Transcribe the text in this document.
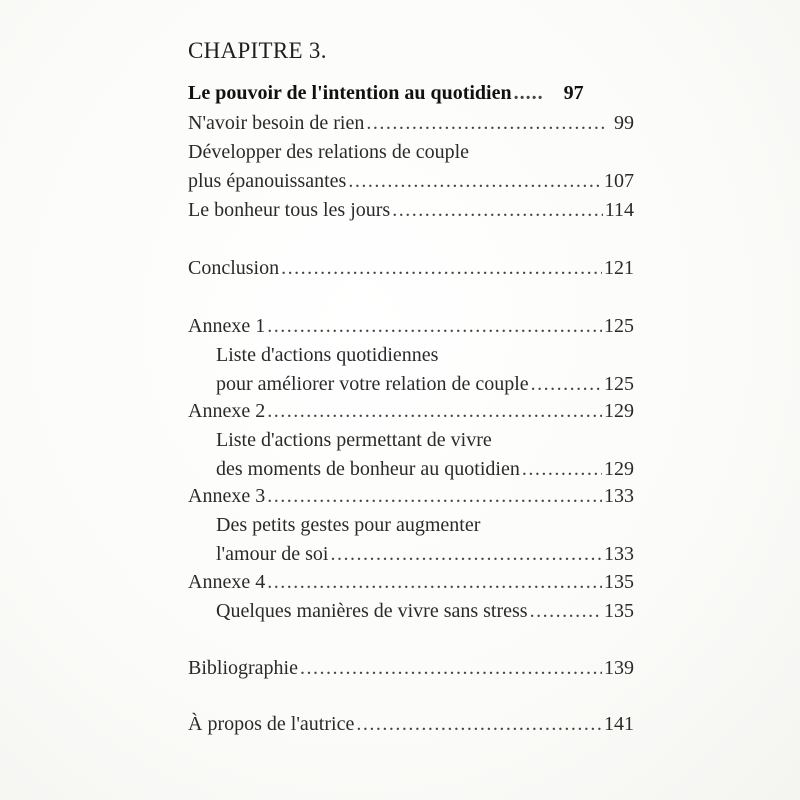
CHAPITRE 3.
Le pouvoir de l'intention au quotidien .....	97
N'avoir besoin de rien .....	99
Développer des relations de couple
plus épanouissantes .....	107
Le bonheur tous les jours .....	114
Conclusion .....	121
Annexe 1 .....	125
Liste d'actions quotidiennes
pour améliorer votre relation de couple .....	125
Annexe 2 .....	129
Liste d'actions permettant de vivre
des moments de bonheur au quotidien .....	129
Annexe 3 .....	133
Des petits gestes pour augmenter
l'amour de soi .....	133
Annexe 4 .....	135
Quelques manières de vivre sans stress .....	135
Bibliographie .....	139
À propos de l'autrice .....	141
